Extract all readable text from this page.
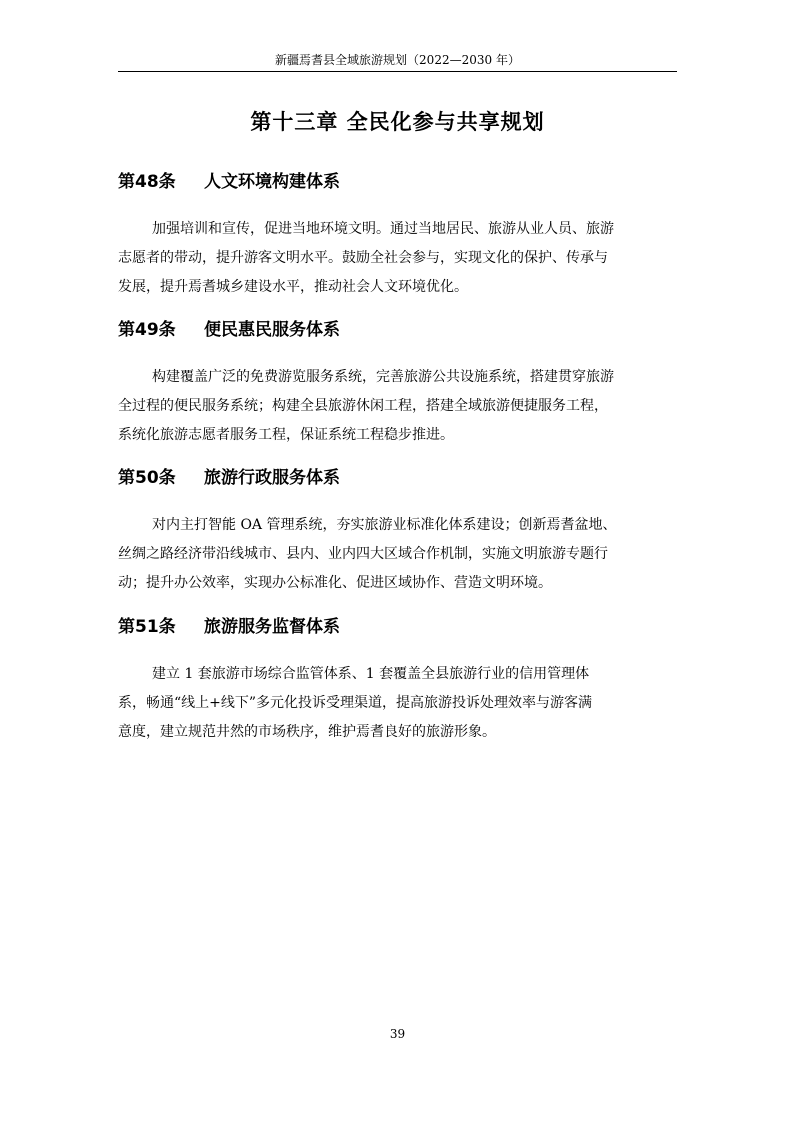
新疆焉耆县全域旅游规划（2022—2030 年）
第十三章 全民化参与共享规划
第48条 人文环境构建体系
加强培训和宣传，促进当地环境文明。通过当地居民、旅游从业人员、旅游
志愿者的带动，提升游客文明水平。鼓励全社会参与，实现文化的保护、传承与
发展，提升焉耆城乡建设水平，推动社会人文环境优化。
第49条 便民惠民服务体系
构建覆盖广泛的免费游览服务系统，完善旅游公共设施系统，搭建贯穿旅游
全过程的便民服务系统；构建全县旅游休闲工程，搭建全域旅游便捷服务工程，
系统化旅游志愿者服务工程，保证系统工程稳步推进。
第50条 旅游行政服务体系
对内主打智能 OA 管理系统，夯实旅游业标准化体系建设；创新焉耆盆地、
丝绸之路经济带沿线城市、县内、业内四大区域合作机制，实施文明旅游专题行
动；提升办公效率，实现办公标准化、促进区域协作、营造文明环境。
第51条 旅游服务监督体系
建立 1 套旅游市场综合监管体系、1 套覆盖全县旅游行业的信用管理体
系，畅通“线上+线下”多元化投诉受理渠道，提高旅游投诉处理效率与游客满
意度，建立规范井然的市场秩序，维护焉耆良好的旅游形象。
39
